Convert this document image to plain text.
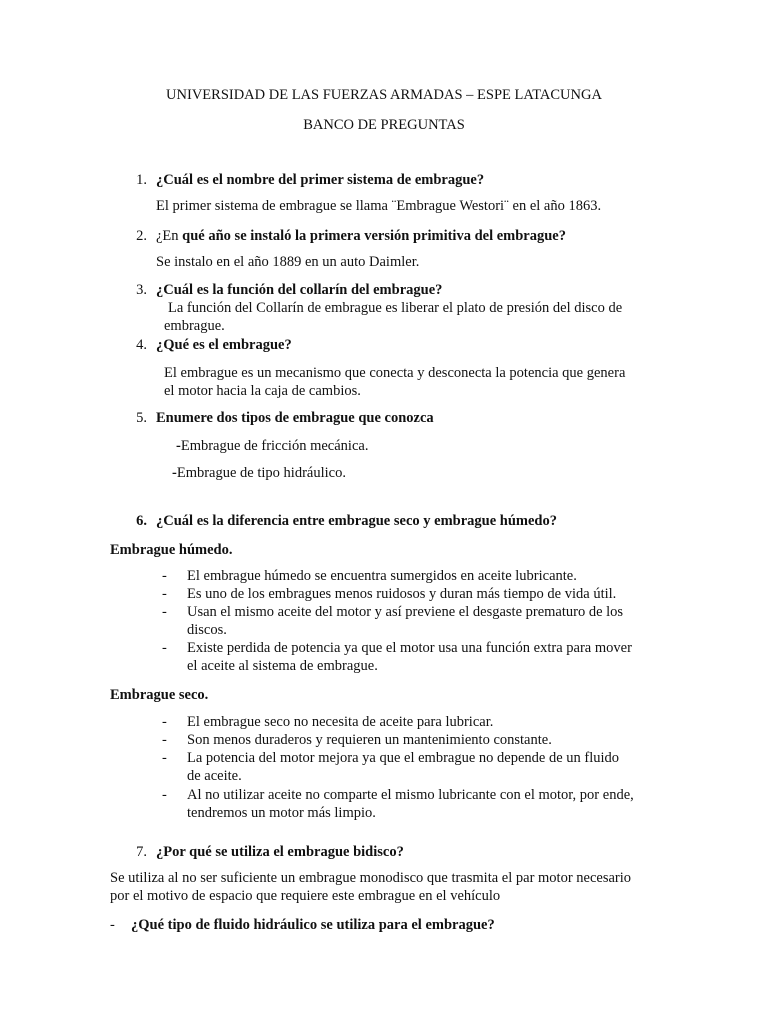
UNIVERSIDAD DE LAS FUERZAS ARMADAS – ESPE LATACUNGA
BANCO DE PREGUNTAS
1. ¿Cuál es el nombre del primer sistema de embrague?
El primer sistema de embrague se llama ¨Embrague Westori¨ en el año 1863.
2. ¿En qué año se instaló la primera versión primitiva del embrague?
Se instalo en el año 1889 en un auto Daimler.
3. ¿Cuál es la función del collarín del embrague?
La función del Collarín de embrague es liberar el plato de presión del disco de
embrague.
4. ¿Qué es el embrague?
El embrague es un mecanismo que conecta y desconecta la potencia que genera
el motor hacia la caja de cambios.
5. Enumere dos tipos de embrague que conozca
-Embrague de fricción mecánica.
-Embrague de tipo hidráulico.
6. ¿Cuál es la diferencia entre embrague seco y embrague húmedo?
Embrague húmedo.
- El embrague húmedo se encuentra sumergidos en aceite lubricante.
- Es uno de los embragues menos ruidosos y duran más tiempo de vida útil.
- Usan el mismo aceite del motor y así previene el desgaste prematuro de los
discos.
- Existe perdida de potencia ya que el motor usa una función extra para mover
el aceite al sistema de embrague.
Embrague seco.
- El embrague seco no necesita de aceite para lubricar.
- Son menos duraderos y requieren un mantenimiento constante.
- La potencia del motor mejora ya que el embrague no depende de un fluido
de aceite.
- Al no utilizar aceite no comparte el mismo lubricante con el motor, por ende,
tendremos un motor más limpio.
7. ¿Por qué se utiliza el embrague bidisco?
Se utiliza al no ser suficiente un embrague monodisco que trasmita el par motor necesario
por el motivo de espacio que requiere este embrague en el vehículo
- ¿Qué tipo de fluido hidráulico se utiliza para el embrague?
